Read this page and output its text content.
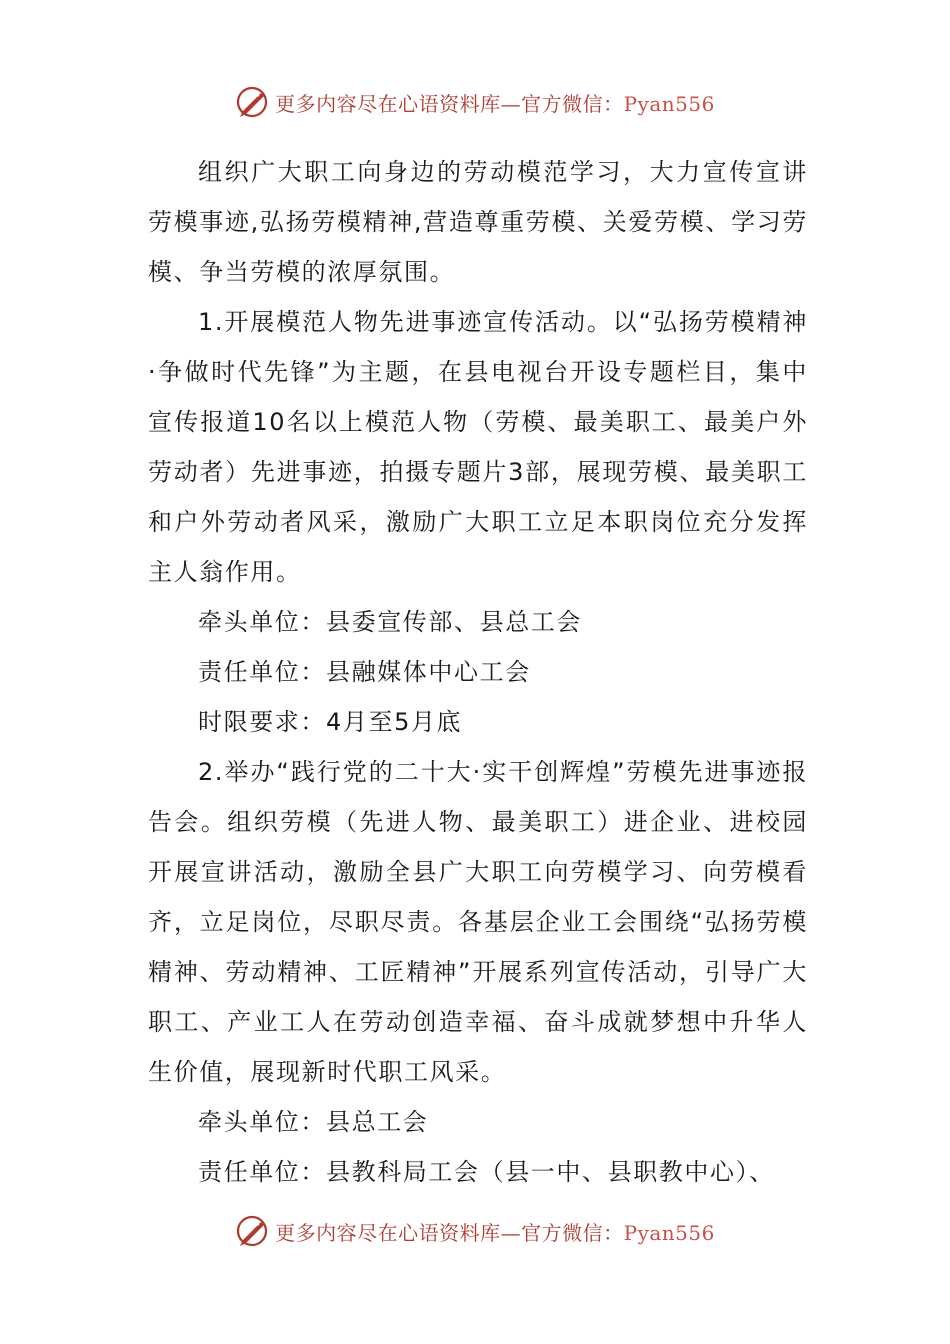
更多内容尽在心语资料库—官方微信：Pyan556

组织广大职工向身边的劳动模范学习，大力宣传宣讲劳模事迹,弘扬劳模精神,营造尊重劳模、关爱劳模、学习劳模、争当劳模的浓厚氛围。

1.开展模范人物先进事迹宣传活动。以“弘扬劳模精神·争做时代先锋”为主题，在县电视台开设专题栏目，集中宣传报道10名以上模范人物（劳模、最美职工、最美户外劳动者）先进事迹，拍摄专题片3部，展现劳模、最美职工和户外劳动者风采，激励广大职工立足本职岗位充分发挥主人翁作用。

牵头单位：县委宣传部、县总工会

责任单位：县融媒体中心工会

时限要求：4月至5月底

2.举办“践行党的二十大·实干创辉煌”劳模先进事迹报告会。组织劳模（先进人物、最美职工）进企业、进校园开展宣讲活动，激励全县广大职工向劳模学习、向劳模看齐，立足岗位，尽职尽责。各基层企业工会围绕“弘扬劳模精神、劳动精神、工匠精神”开展系列宣传活动，引导广大职工、产业工人在劳动创造幸福、奋斗成就梦想中升华人生价值，展现新时代职工风采。

牵头单位：县总工会

责任单位：县教科局工会（县一中、县职教中心）、

更多内容尽在心语资料库—官方微信：Pyan556
